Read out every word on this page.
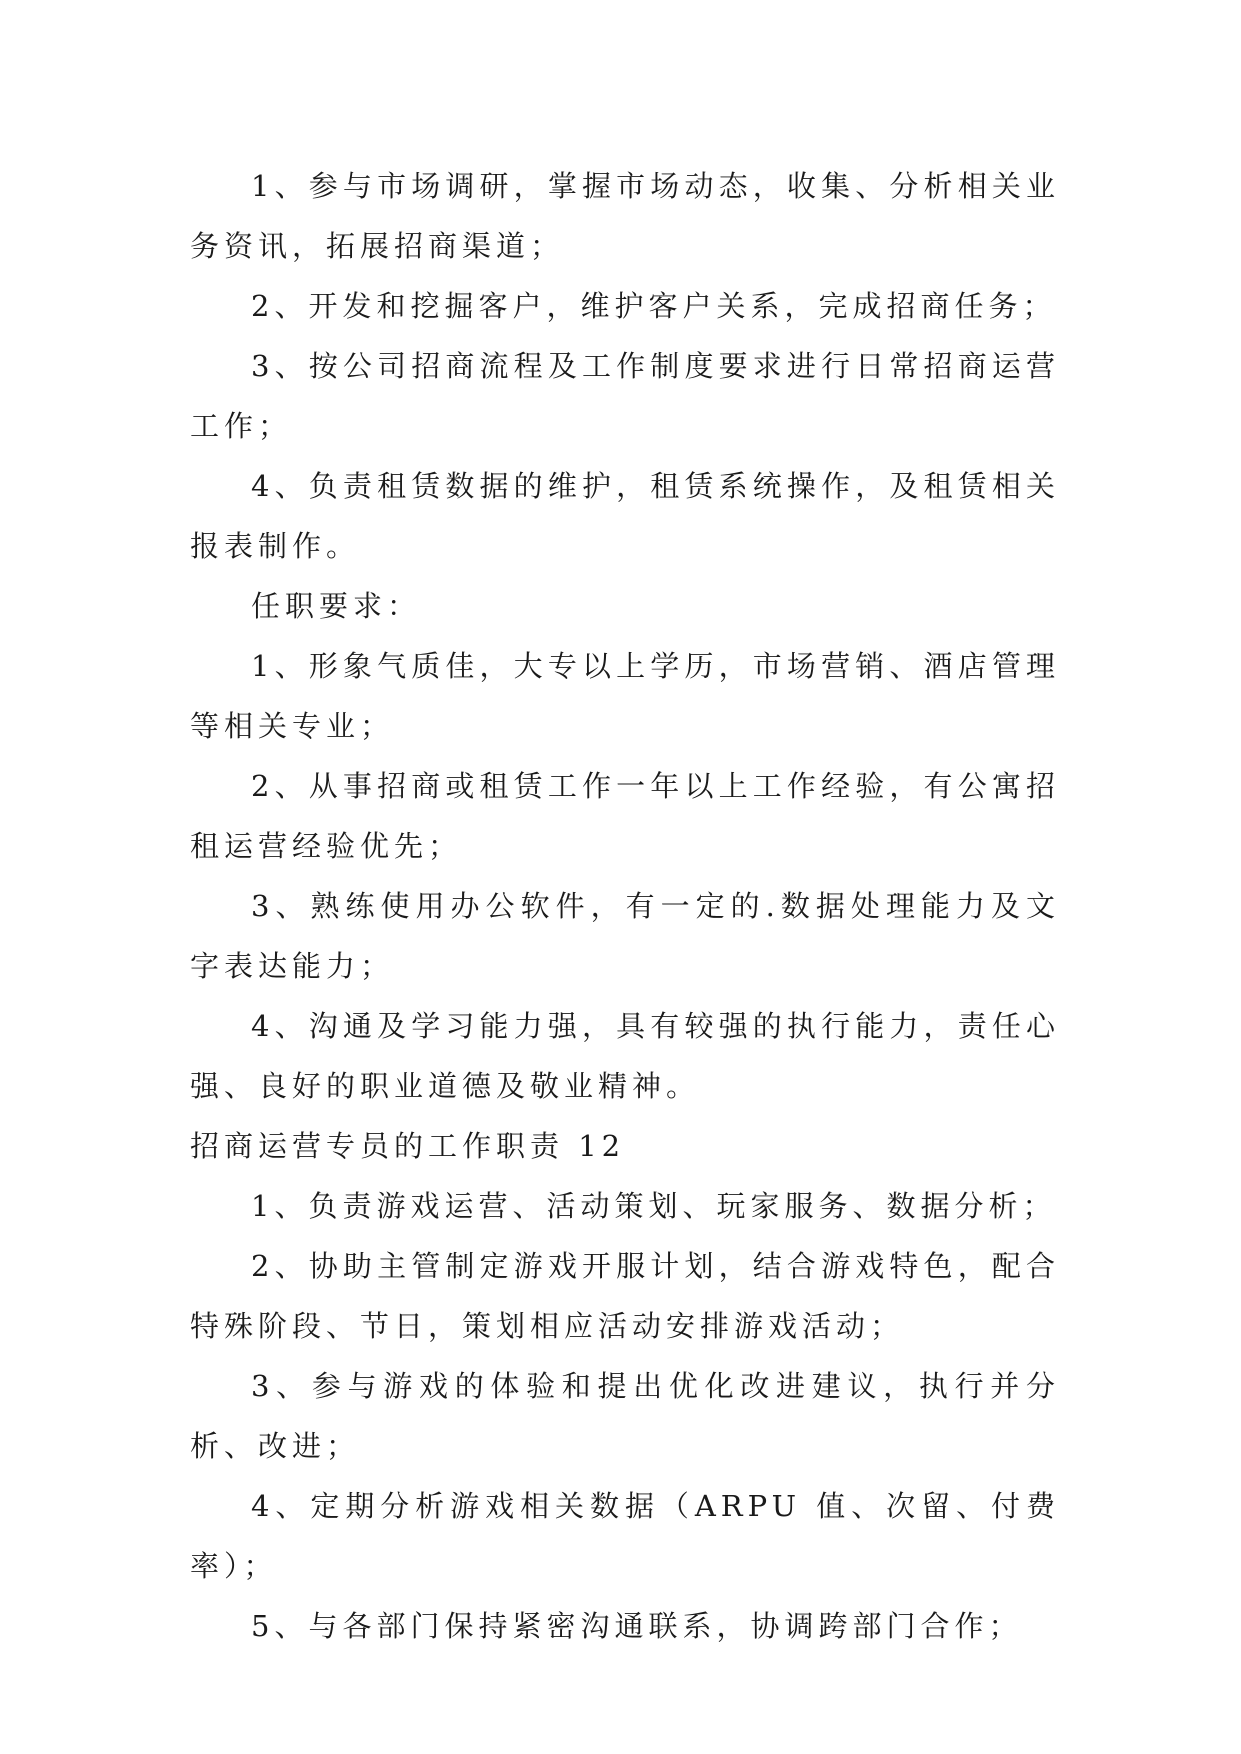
1、参与市场调研，掌握市场动态，收集、分析相关业务资讯，拓展招商渠道；

2、开发和挖掘客户，维护客户关系，完成招商任务；

3、按公司招商流程及工作制度要求进行日常招商运营工作；

4、负责租赁数据的维护，租赁系统操作，及租赁相关报表制作。

任职要求：

1、形象气质佳，大专以上学历，市场营销、酒店管理等相关专业；

2、从事招商或租赁工作一年以上工作经验，有公寓招租运营经验优先；

3、熟练使用办公软件，有一定的.数据处理能力及文字表达能力；

4、沟通及学习能力强，具有较强的执行能力，责任心强、良好的职业道德及敬业精神。

招商运营专员的工作职责 12

1、负责游戏运营、活动策划、玩家服务、数据分析；

2、协助主管制定游戏开服计划，结合游戏特色，配合特殊阶段、节日，策划相应活动安排游戏活动；

3、参与游戏的体验和提出优化改进建议，执行并分析、改进；

4、定期分析游戏相关数据（ARPU 值、次留、付费率）；

5、与各部门保持紧密沟通联系，协调跨部门合作；
